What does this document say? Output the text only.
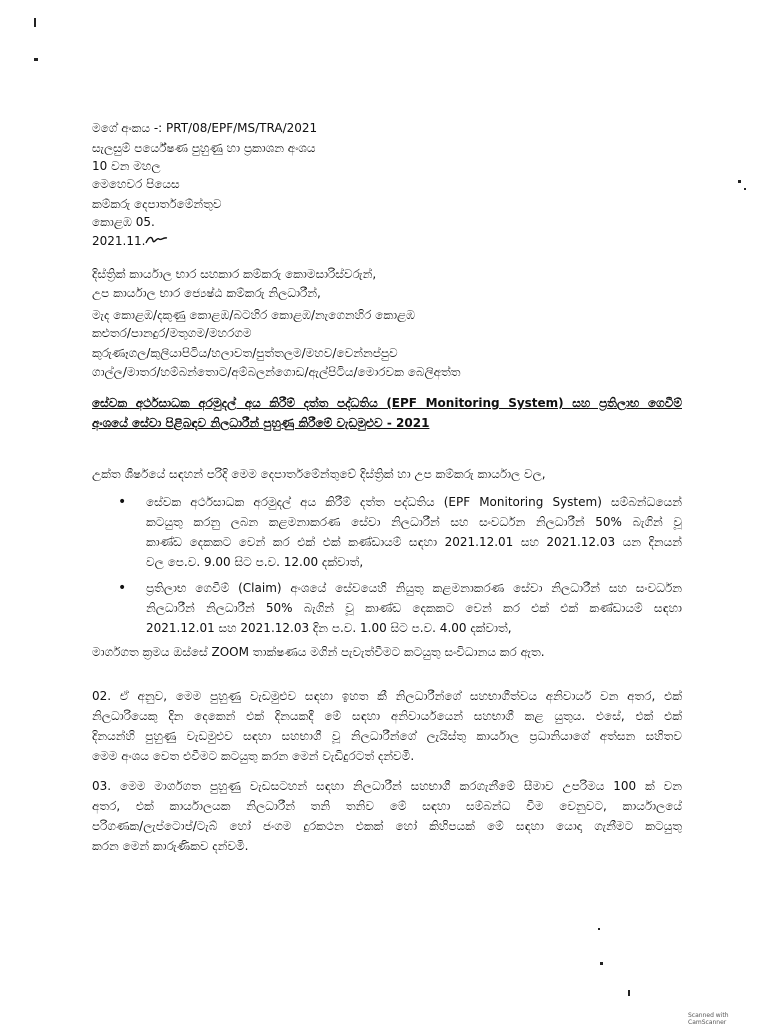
මගේ අංකය -: PRT/08/EPF/MS/TRA/2021
සැලසුම් පර්යේෂණ පුහුණු හා ප්‍රකාශන අංශය
10 වන මහල
මෙහෙවර පියෙස
කම්කරු දෙපාර්තමේන්තුව
කොළඹ 05.
2021.11.
දිස්ත්‍රික් කාර්යාල භාර සහකාර කම්කරු කොමසාරිස්වරුන්,
උප කාර්යාල භාර ජ්‍යෙෂ්ඨ කම්කරු නිලධාරීන්,
මැද කොළඹ/දකුණු කොළඹ/බටහිර කොළඹ/නැගෙනහිර කොළඹ
කළුතර/පානදුර/මතුගම/මහරගම
කුරුණෑගල/කුලියාපිටිය/හලාවත/පුත්තලම/මහව/වෙන්නප්පුව
ගාල්ල/මාතර/හම්බන්තොට/අම්බලන්ගොඩ/ඇල්පිටිය/මොරවක බෙලිඅත්ත
සේවක අර්ථසාධක අරමුදල් අය කිරීම් දත්ත පද්ධතිය (EPF Monitoring System) සහ ප්‍රතිලාභ ගෙවීම්
අංශයේ සේවා පිළිබඳව නිලධාරීන් පුහුණු කිරීමේ වැඩමුළුව - 2021
උක්ත ශීර්ෂයේ සඳහන් පරිදි මෙම දෙපාර්තමේන්තුවේ දිස්ත්‍රික් හා උප කම්කරු කාර්යාල වල,
• සේවක අර්ථසාධක අරමුදල් අය කිරීම් දත්ත පද්ධතිය (EPF Monitoring System) සම්බන්ධයෙන්
කටයුතු කරනු ලබන කළමනාකරණ සේවා නිලධාරීන් සහ සංවර්ධන නිලධාරීන් 50% බැගින් වූ
කාණ්ඩ දෙකකට වෙන් කර එක් එක් කණ්ඩායම් සඳහා 2021.12.01 සහ 2021.12.03 යන දිනයන්
වල පෙ.ව. 9.00 සිට ප.ව. 12.00 දක්වාත්,
• ප්‍රතිලාභ ගෙවීම් (Claim) අංශයේ සේවයෙහි නියුතු කළමනාකරණ සේවා නිලධාරීන් සහ සංවර්ධන
නිලධාරීන් නිලධාරීන් 50% බැගින් වූ කාණ්ඩ දෙකකට වෙන් කර එක් එක් කණ්ඩායම් සඳහා
2021.12.01 සහ 2021.12.03 දින ප.ව. 1.00 සිට ප.ව. 4.00 දක්වාත්,
මාර්ගගත ක්‍රමය ඔස්සේ ZOOM තාක්ෂණය මගින් පැවැත්වීමට කටයුතු සංවිධානය කර ඇත.
02. ඒ අනුව, මෙම පුහුණු වැඩමුළුව සඳහා ඉහත කී නිලධාරීන්ගේ සහභාගීත්වය අනිවාර්ය වන අතර, එක්
නිලධාරියෙකු දින දෙකෙන් එක් දිනයකදී මේ සඳහා අනිවාර්යයෙන් සහභාගී කළ යුතුය. එසේ, එක් එක්
දිනයන්හි පුහුණු වැඩමුළුව සඳහා සහභාගී වූ නිලධාරීන්ගේ ලැයිස්තු කාර්යාල ප්‍රධානියාගේ අත්සන සහිතව
මෙම අංශය වෙත එවීමට කටයුතු කරන මෙන් වැඩිදුරටත් දන්වමි.
03. මෙම මාර්ගගත පුහුණු වැඩසටහන් සඳහා නිලධාරීන් සහභාගී කරගැනීමේ සීමාව උපරිමය 100 ක් වන
අතර, එක් කාර්යාලයක නිලධාරීන් තනි තනිව මේ සඳහා සම්බන්ධ වීම වෙනුවට, කාර්යාලයේ
පරිගණක/ලැප්ටොප්/ටැබ් හෝ ජංගම දුරකථන එකක් හෝ කිහිපයක් මේ සඳහා යොදා ගැනීමට කටයුතු
කරන මෙන් කාරුණිකව දන්වමි.
Scanned with CamScanner
